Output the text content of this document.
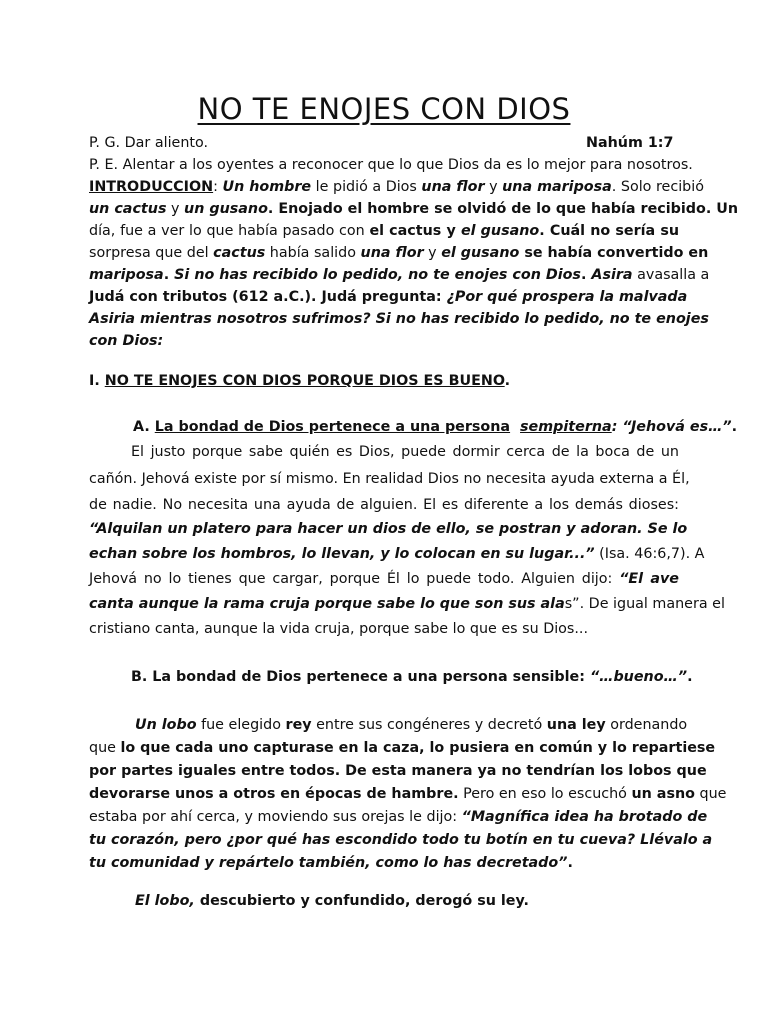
NO TE ENOJES CON DIOS
P. G. Dar aliento.	Nahúm 1:7
P. E. Alentar a los oyentes a reconocer que lo que Dios da es lo mejor para nosotros.
INTRODUCCION: Un hombre le pidió a Dios una flor y una mariposa. Solo recibió
un cactus y un gusano. Enojado el hombre se olvidó de lo que había recibido. Un
día, fue a ver lo que había pasado con el cactus y el gusano. Cuál no sería su
sorpresa que del cactus había salido una flor y el gusano se había convertido en
mariposa. Si no has recibido lo pedido, no te enojes con Dios. Asira avasalla a
Judá con tributos (612 a.C.). Judá pregunta: ¿Por qué prospera la malvada
Asiria mientras nosotros sufrimos? Si no has recibido lo pedido, no te enojes
con Dios:
I. NO TE ENOJES CON DIOS PORQUE DIOS ES BUENO.
A. La bondad de Dios pertenece a una persona sempiterna: “Jehová es…”.
El justo porque sabe quién es Dios, puede dormir cerca de la boca de un
cañón. Jehová existe por sí mismo. En realidad Dios no necesita ayuda externa a Él,
de nadie. No necesita una ayuda de alguien. El es diferente a los demás dioses:
“Alquilan un platero para hacer un dios de ello, se postran y adoran. Se lo
echan sobre los hombros, lo llevan, y lo colocan en su lugar...” (Isa. 46:6,7). A
Jehová no lo tienes que cargar, porque Él lo puede todo. Alguien dijo: “El ave
canta aunque la rama cruja porque sabe lo que son sus alas”. De igual manera el
cristiano canta, aunque la vida cruja, porque sabe lo que es su Dios...
B. La bondad de Dios pertenece a una persona sensible: “…bueno…”.
Un lobo fue elegido rey entre sus congéneres y decretó una ley ordenando
que lo que cada uno capturase en la caza, lo pusiera en común y lo repartiese
por partes iguales entre todos. De esta manera ya no tendrían los lobos que
devorarse unos a otros en épocas de hambre. Pero en eso lo escuchó un asno que
estaba por ahí cerca, y moviendo sus orejas le dijo: “Magnífica idea ha brotado de
tu corazón, pero ¿por qué has escondido todo tu botín en tu cueva? Llévalo a
tu comunidad y repártelo también, como lo has decretado”.
El lobo, descubierto y confundido, derogó su ley.
